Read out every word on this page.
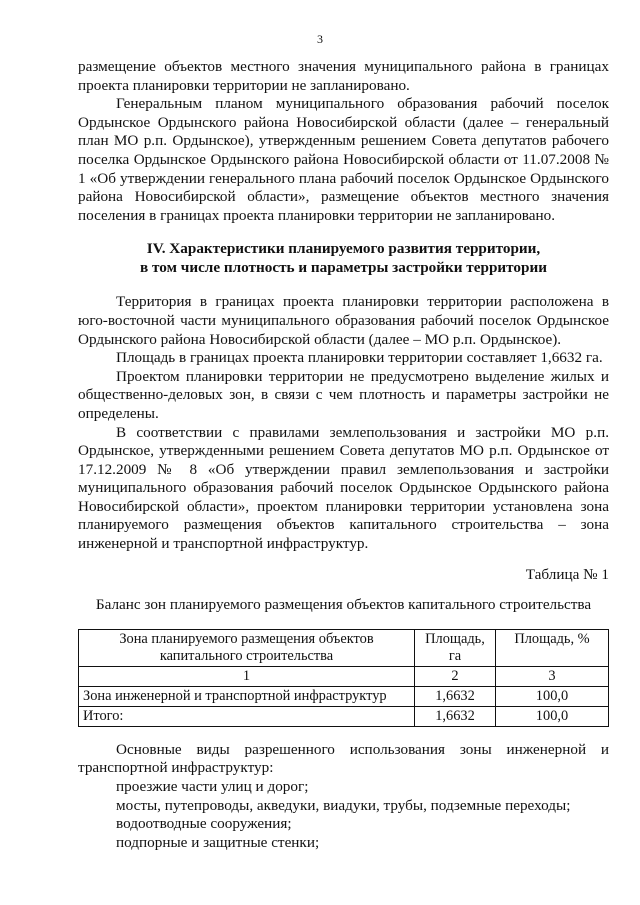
3

размещение объектов местного значения муниципального района в границах проекта планировки территории не запланировано.

Генеральным планом муниципального образования рабочий поселок Ордынское Ордынского района Новосибирской области (далее – генеральный план МО р.п. Ордынское), утвержденным решением Совета депутатов рабочего поселка Ордынское Ордынского района Новосибирской области от 11.07.2008 № 1 «Об утверждении генерального плана рабочий поселок Ордынское Ордынского района Новосибирской области», размещение объектов местного значения поселения в границах проекта планировки территории не запланировано.

IV. Характеристики планируемого развития территории,
в том числе плотность и параметры застройки территории

Территория в границах проекта планировки территории расположена в юго-восточной части муниципального образования рабочий поселок Ордынское Ордынского района Новосибирской области (далее – МО р.п. Ордынское).

Площадь в границах проекта планировки территории составляет 1,6632 га.

Проектом планировки территории не предусмотрено выделение жилых и общественно-деловых зон, в связи с чем плотность и параметры застройки не определены.

В соответствии с правилами землепользования и застройки МО р.п. Ордынское, утвержденными решением Совета депутатов МО р.п. Ордынское от 17.12.2009 № 8 «Об утверждении правил землепользования и застройки муниципального образования рабочий поселок Ордынское Ордынского района Новосибирской области», проектом планировки территории установлена зона планируемого размещения объектов капитального строительства – зона инженерной и транспортной инфраструктур.

Таблица № 1

Баланс зон планируемого размещения объектов капитального строительства

Зона планируемого размещения объектов капитального строительства	Площадь, га	Площадь, %
1	2	3
Зона инженерной и транспортной инфраструктур	1,6632	100,0
Итого:	1,6632	100,0

Основные виды разрешенного использования зоны инженерной и транспортной инфраструктур:

проезжие части улиц и дорог;

мосты, путепроводы, акведуки, виадуки, трубы, подземные переходы;

водоотводные сооружения;

подпорные и защитные стенки;
